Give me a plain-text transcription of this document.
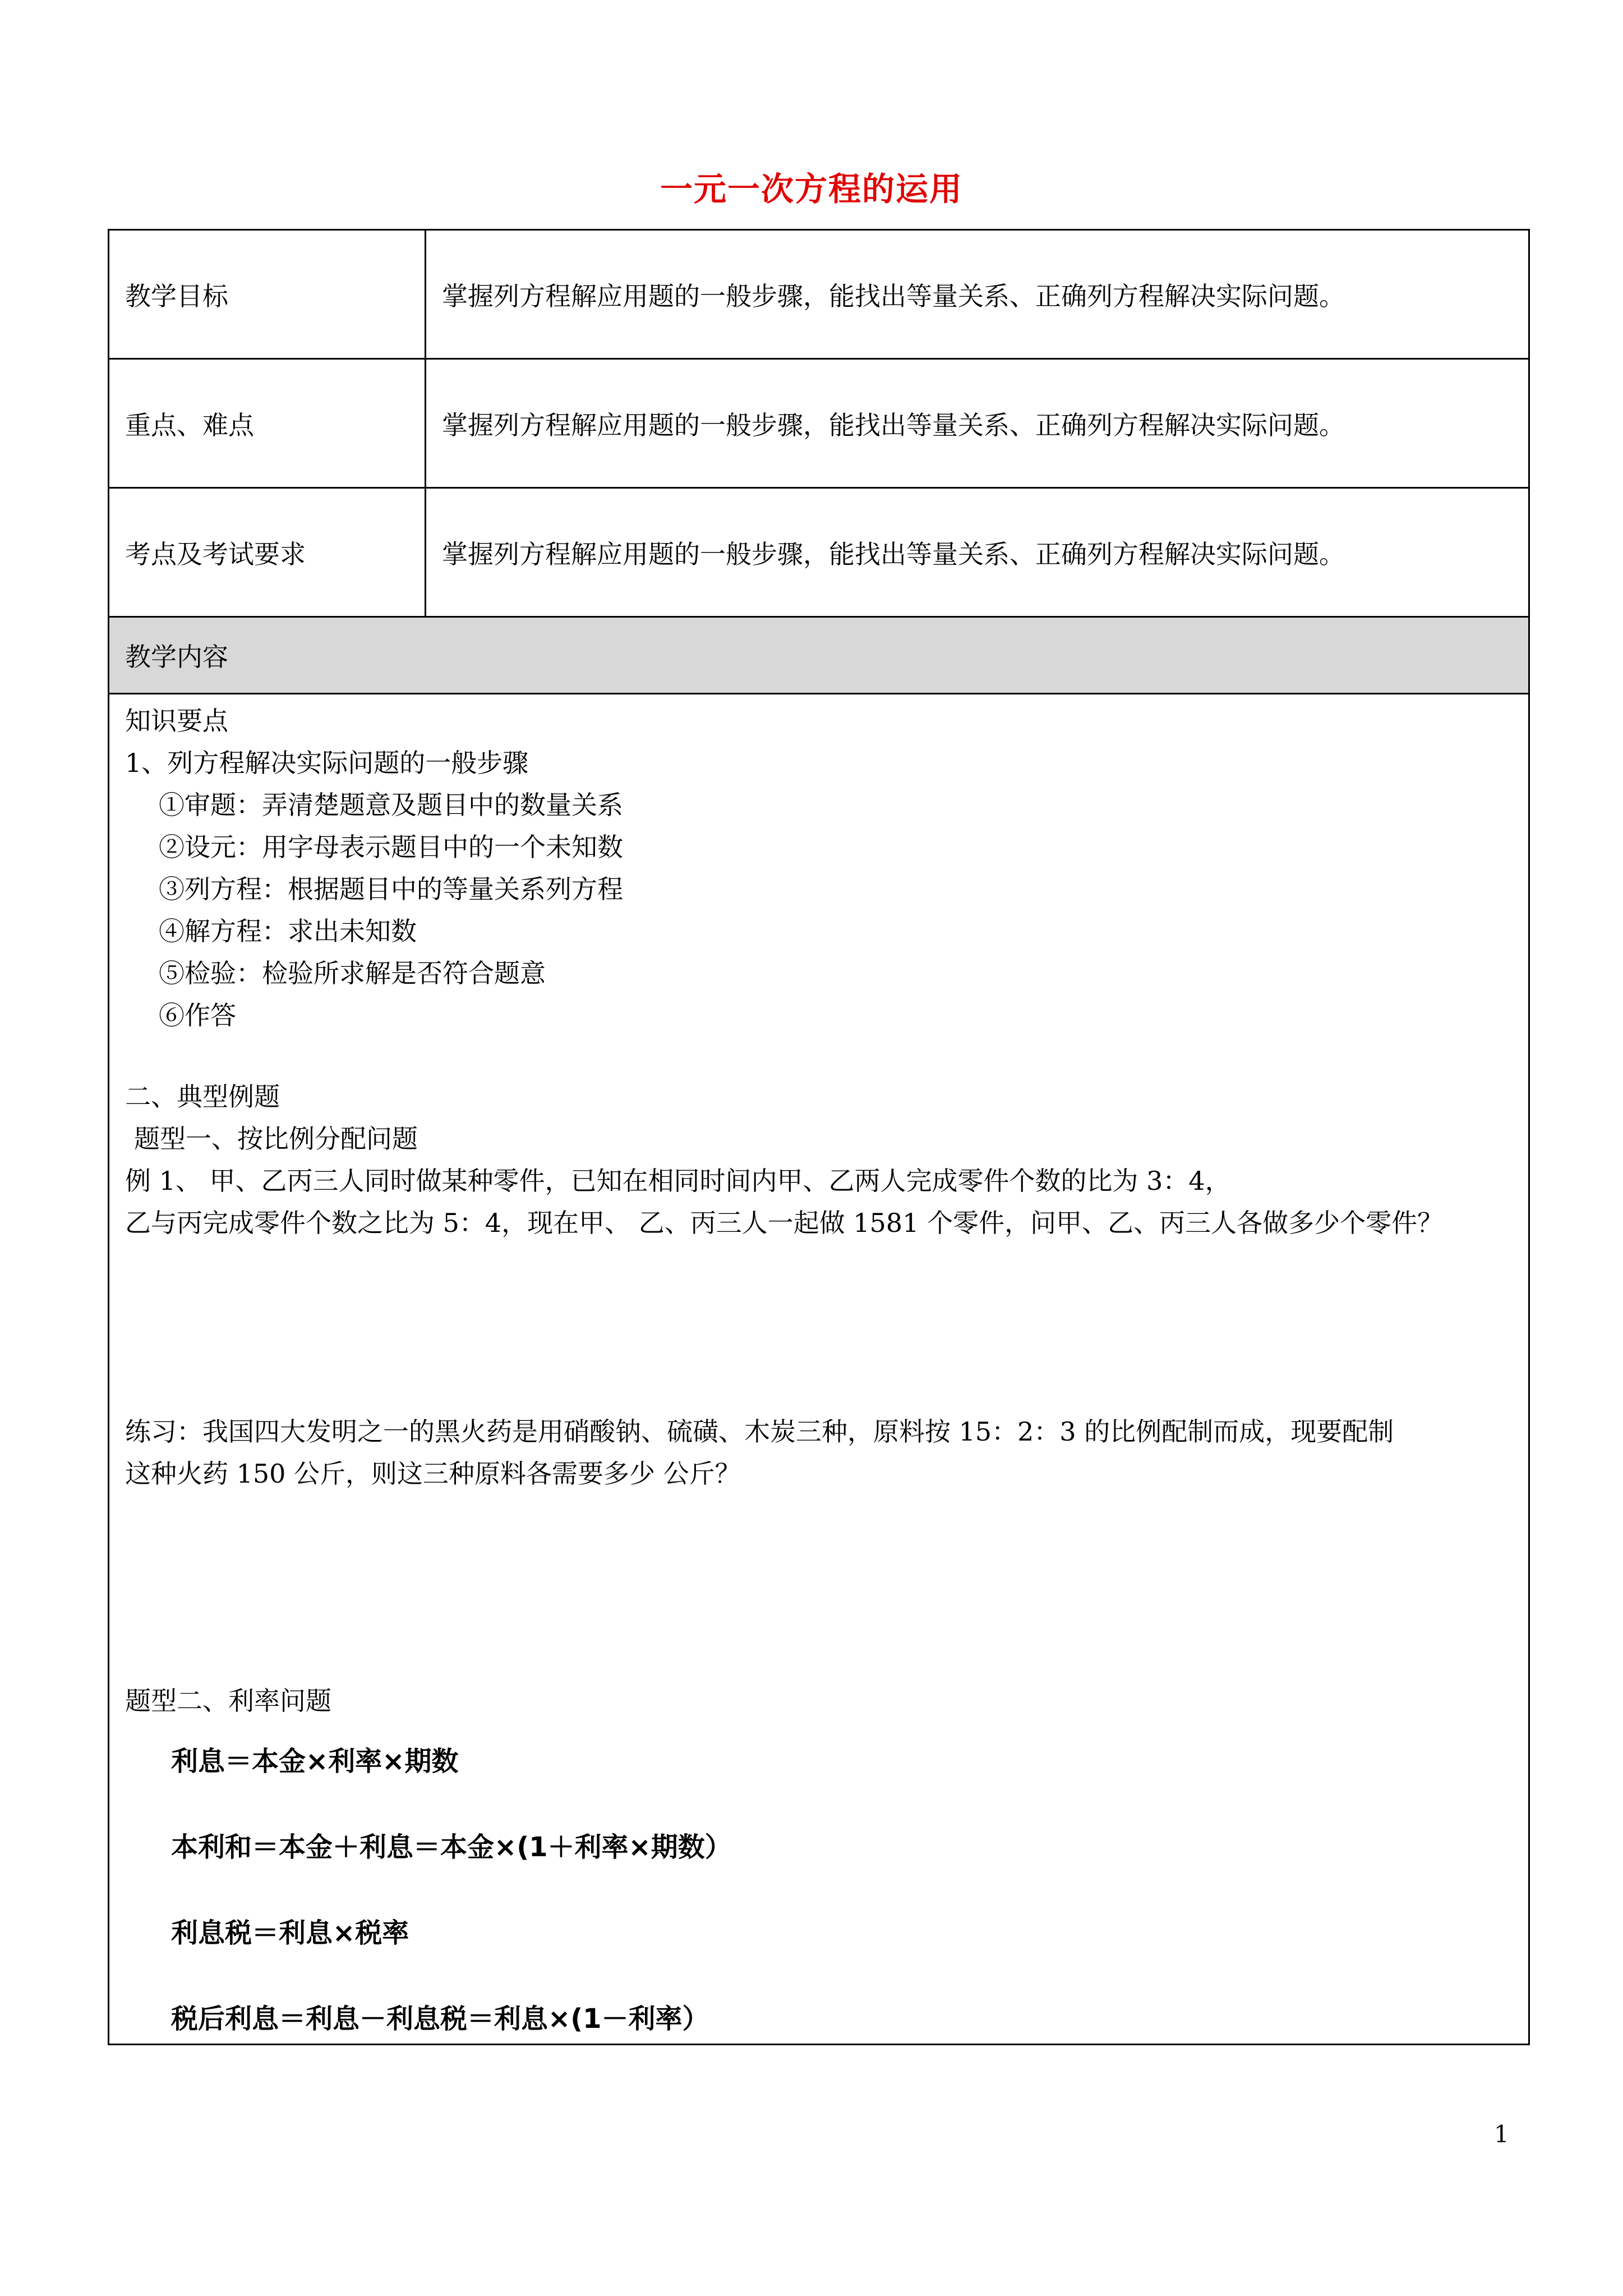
一元一次方程的运用
教学目标	掌握列方程解应用题的一般步骤，能找出等量关系、正确列方程解决实际问题。
重点、难点	掌握列方程解应用题的一般步骤，能找出等量关系、正确列方程解决实际问题。
考点及考试要求	掌握列方程解应用题的一般步骤，能找出等量关系、正确列方程解决实际问题。
教学内容	
知识要点
1、列方程解决实际问题的一般步骤
①审题：弄清楚题意及题目中的数量关系
②设元：用字母表示题目中的一个未知数
③列方程：根据题目中的等量关系列方程
④解方程：求出未知数
⑤检验：检验所求解是否符合题意
⑥作答
二、典型例题
题型一、按比例分配问题
例 1、 甲、乙丙三人同时做某种零件，已知在相同时间内甲、乙两人完成零件个数的比为 3：4，
乙与丙完成零件个数之比为 5：4，现在甲、 乙、丙三人一起做 1581 个零件，问甲、乙、丙三人各做多少个零件？
练习：我国四大发明之一的黑火药是用硝酸钠、硫磺、木炭三种，原料按 15：2：3 的比例配制而成，现要配制
这种火药 150 公斤，则这三种原料各需要多少 公斤？
题型二、利率问题
利息＝本金×利率×期数
本利和＝本金＋利息＝本金×(1＋利率×期数）
利息税＝利息×税率
税后利息＝利息－利息税＝利息×(1－利率）
1
